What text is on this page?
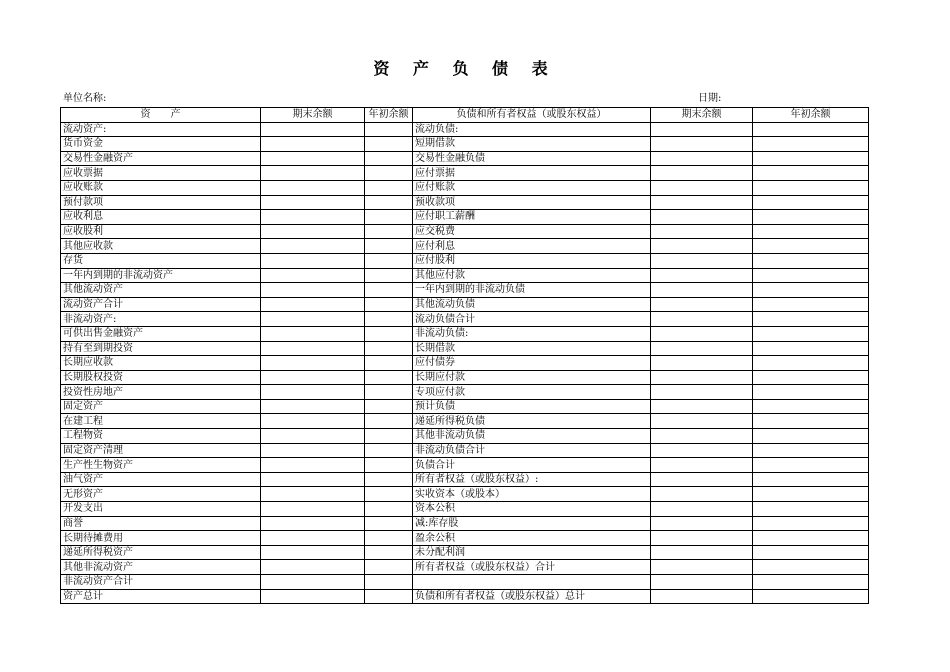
资 产 负 债 表
单位名称:	日期:
资　　产	期末余额	年初余额	负债和所有者权益（或股东权益）	期末余额	年初余额
流动资产:			流动负债:		
货币资金			短期借款		
交易性金融资产			交易性金融负债		
应收票据			应付票据		
应收账款			应付账款		
预付款项			预收款项		
应收利息			应付职工薪酬		
应收股利			应交税费		
其他应收款			应付利息		
存货			应付股利		
一年内到期的非流动资产			其他应付款		
其他流动资产			一年内到期的非流动负债		
流动资产合计			其他流动负债		
非流动资产:			流动负债合计		
可供出售金融资产			非流动负债:		
持有至到期投资			长期借款		
长期应收款			应付债券		
长期股权投资			长期应付款		
投资性房地产			专项应付款		
固定资产			预计负债		
在建工程			递延所得税负债		
工程物资			其他非流动负债		
固定资产清理			非流动负债合计		
生产性生物资产			负债合计		
油气资产			所有者权益（或股东权益）:		
无形资产			实收资本（或股本）		
开发支出			资本公积		
商誉			减:库存股		
长期待摊费用			盈余公积		
递延所得税资产			未分配利润		
其他非流动资产			所有者权益（或股东权益）合计		
非流动资产合计					
资产总计			负债和所有者权益（或股东权益）总计		
